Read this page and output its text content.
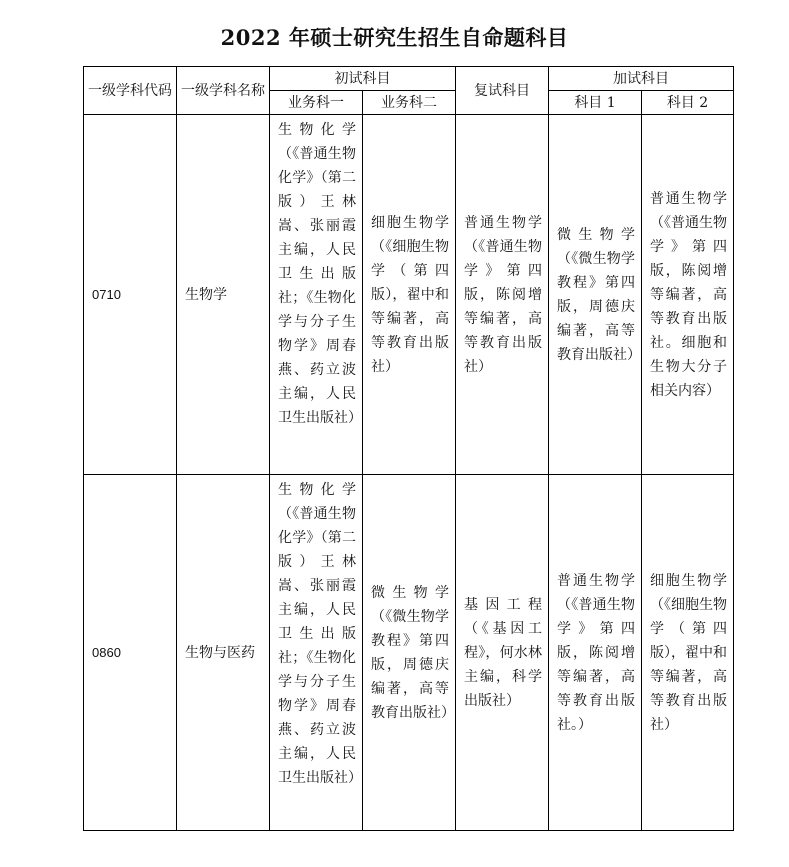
2022 年硕士研究生招生自命题科目
一级学科代码	一级学科名称	初试科目		复试科目	加试科目	
		业务科一	业务科二		科目 1	科目 2
0710	生物学	生物化学（《普通生物化学》（第二版）王林嵩、张丽霞主编，人民卫生出版社；《生物化学与分子生物学》周春燕、药立波主编，人民卫生出版社）	细胞生物学（《细胞生物学（第四版），翟中和等编著，高等教育出版社）	普通生物学（《普通生物学》第四版，陈阅增等编著，高等教育出版社）	微生物学（《微生物学教程》第四版，周德庆编著，高等教育出版社）	普通生物学（《普通生物学》第四版，陈阅增等编著，高等教育出版社。细胞和生物大分子相关内容）
0860	生物与医药	生物化学（《普通生物化学》（第二版）王林嵩、张丽霞主编，人民卫生出版社；《生物化学与分子生物学》周春燕、药立波主编，人民卫生出版社）	微生物学（《微生物学教程》第四版，周德庆编著，高等教育出版社）	基因工程（《基因工程》，何水林主编，科学出版社）	普通生物学（《普通生物学》第四版，陈阅增等编著，高等教育出版社。）	细胞生物学（《细胞生物学（第四版），翟中和等编著，高等教育出版社）
